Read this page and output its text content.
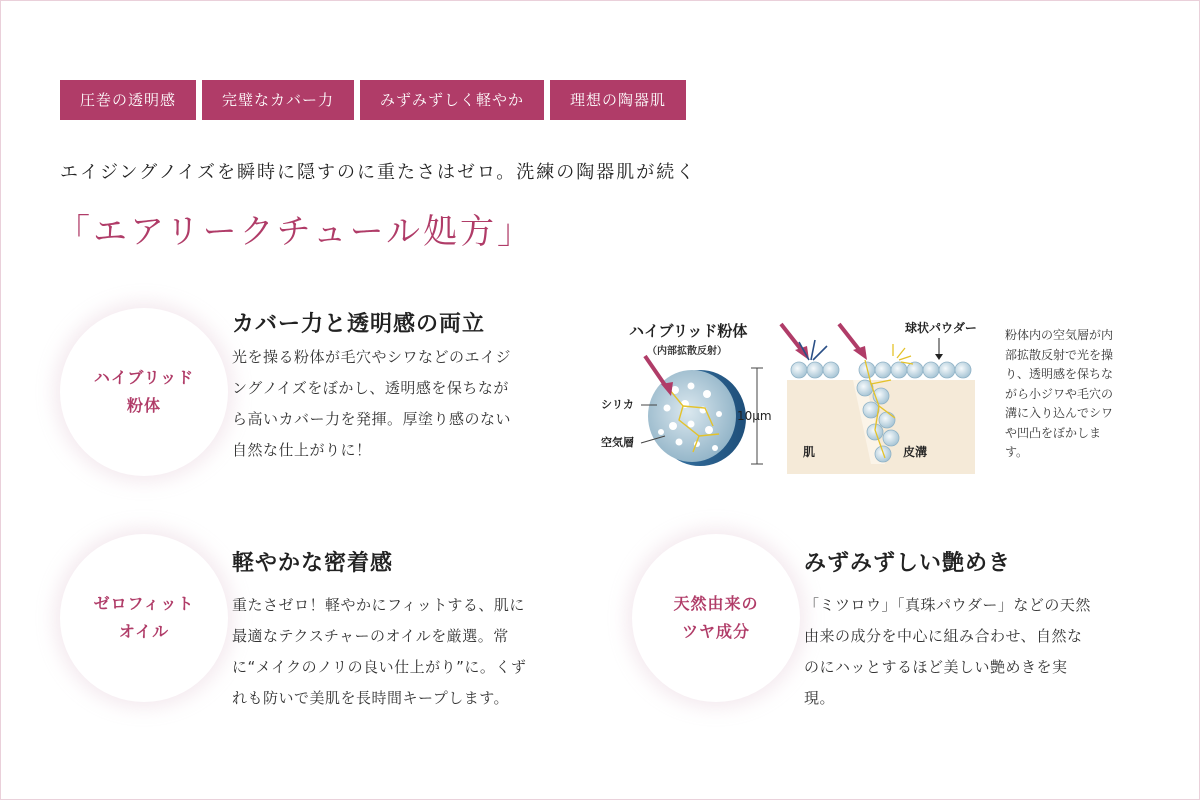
圧巻の透明感	完璧なカバー力	みずみずしく軽やか	理想の陶器肌
エイジングノイズを瞬時に隠すのに重たさはゼロ。洗練の陶器肌が続く
「エアリークチュール処方」
ハイブリッド
粉体
カバー力と透明感の両立
光を操る粉体が毛穴やシワなどのエイジ
ングノイズをぼかし、透明感を保ちなが
ら高いカバー力を発揮。厚塗り感のない
自然な仕上がりに！
ハイブリッド粉体
（内部拡散反射）
シリカ
空気層
10μm
球状パウダー
肌	皮溝
粉体内の空気層が内
部拡散反射で光を操
り、透明感を保ちな
がら小ジワや毛穴の
溝に入り込んでシワ
や凹凸をぼかしま
す。
ゼロフィット
オイル
軽やかな密着感
重たさゼロ！軽やかにフィットする、肌に
最適なテクスチャーのオイルを厳選。常
に“メイクのノリの良い仕上がり”に。くず
れも防いで美肌を長時間キープします。
天然由来の
ツヤ成分
みずみずしい艶めき
「ミツロウ」「真珠パウダー」などの天然
由来の成分を中心に組み合わせ、自然な
のにハッとするほど美しい艶めきを実
現。
